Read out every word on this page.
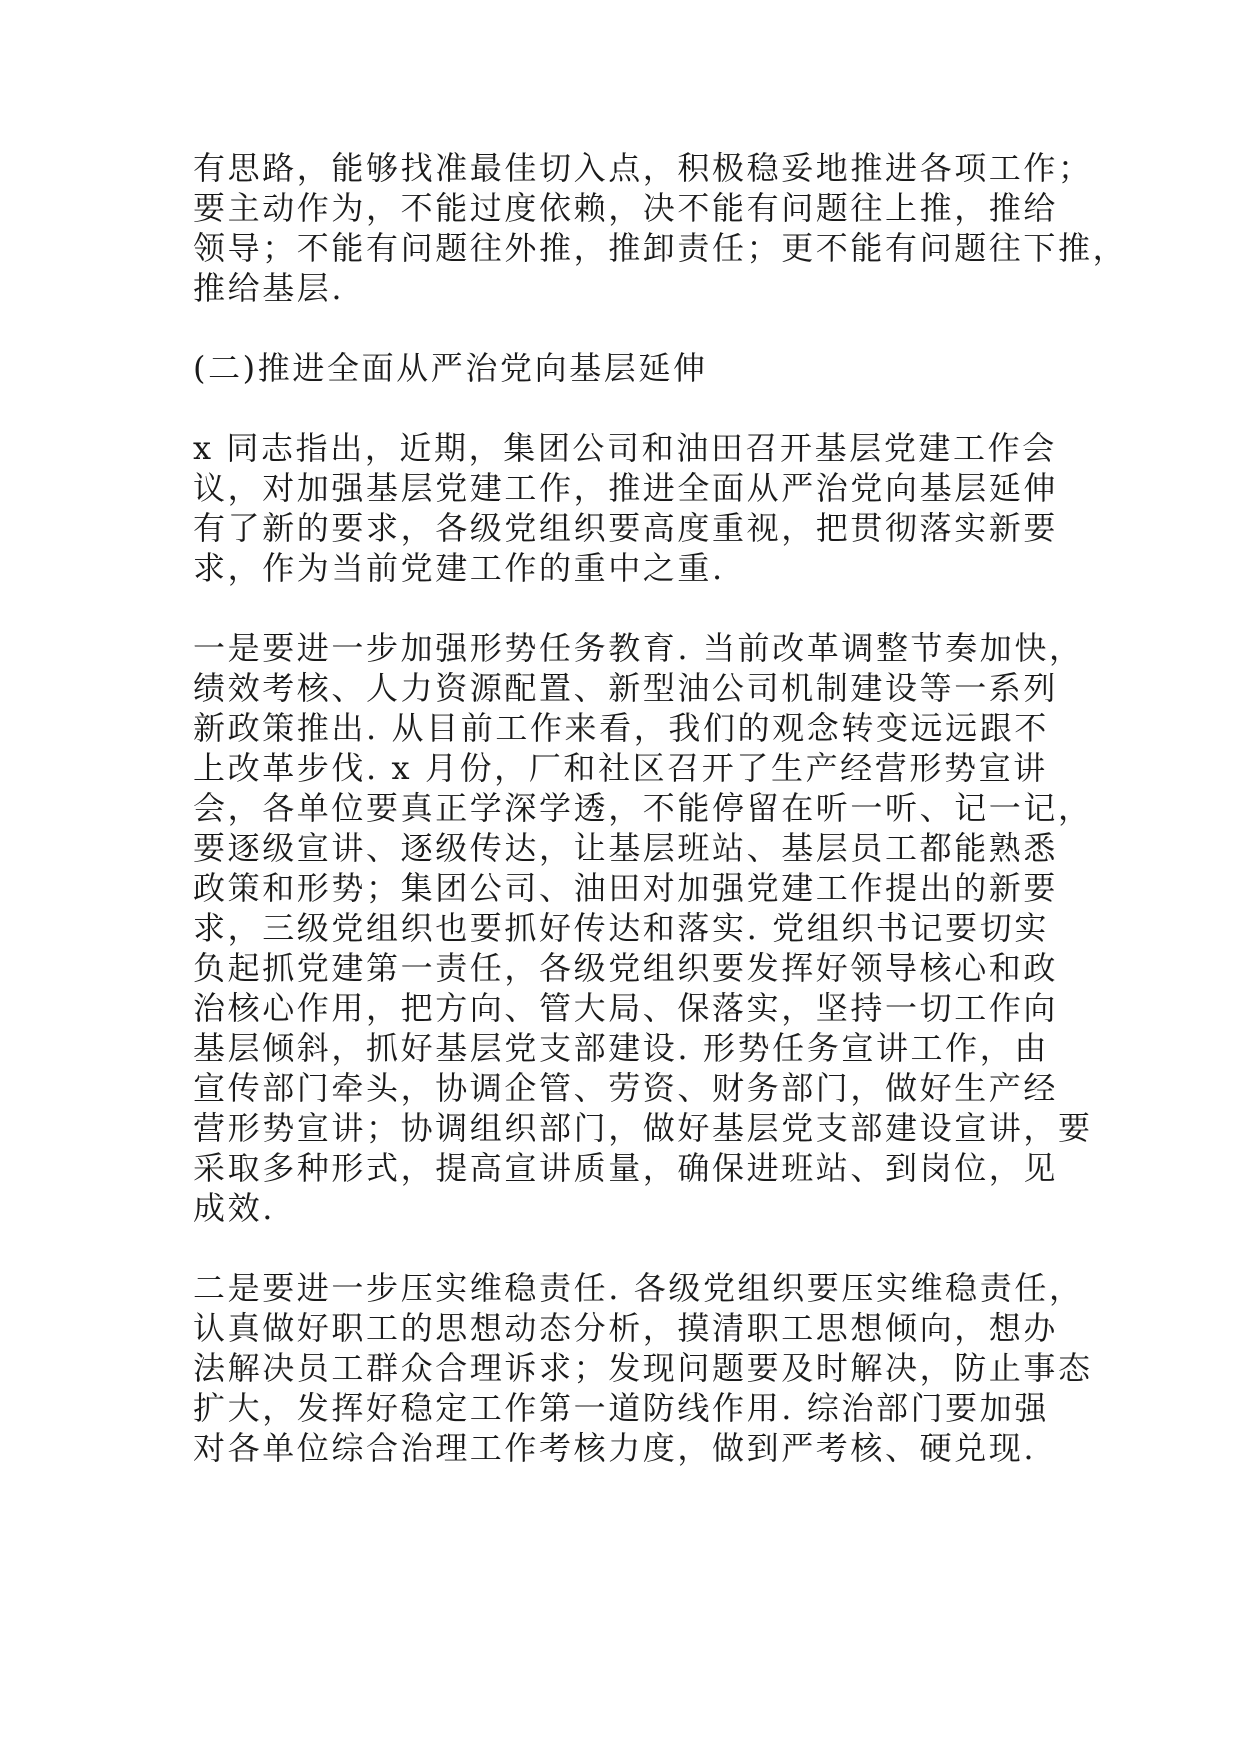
有思路，能够找准最佳切入点，积极稳妥地推进各项工作；
要主动作为，不能过度依赖，决不能有问题往上推，推给
领导；不能有问题往外推，推卸责任；更不能有问题往下推，
推给基层.
(二)推进全面从严治党向基层延伸
x 同志指出，近期，集团公司和油田召开基层党建工作会
议，对加强基层党建工作，推进全面从严治党向基层延伸
有了新的要求，各级党组织要高度重视，把贯彻落实新要
求，作为当前党建工作的重中之重.
一是要进一步加强形势任务教育. 当前改革调整节奏加快，
绩效考核、人力资源配置、新型油公司机制建设等一系列
新政策推出. 从目前工作来看，我们的观念转变远远跟不
上改革步伐. x 月份，厂和社区召开了生产经营形势宣讲
会，各单位要真正学深学透，不能停留在听一听、记一记，
要逐级宣讲、逐级传达，让基层班站、基层员工都能熟悉
政策和形势；集团公司、油田对加强党建工作提出的新要
求，三级党组织也要抓好传达和落实. 党组织书记要切实
负起抓党建第一责任，各级党组织要发挥好领导核心和政
治核心作用，把方向、管大局、保落实，坚持一切工作向
基层倾斜，抓好基层党支部建设. 形势任务宣讲工作，由
宣传部门牵头，协调企管、劳资、财务部门，做好生产经
营形势宣讲；协调组织部门，做好基层党支部建设宣讲，要
采取多种形式，提高宣讲质量，确保进班站、到岗位，见
成效.
二是要进一步压实维稳责任. 各级党组织要压实维稳责任，
认真做好职工的思想动态分析，摸清职工思想倾向，想办
法解决员工群众合理诉求；发现问题要及时解决，防止事态
扩大，发挥好稳定工作第一道防线作用. 综治部门要加强
对各单位综合治理工作考核力度，做到严考核、硬兑现.
